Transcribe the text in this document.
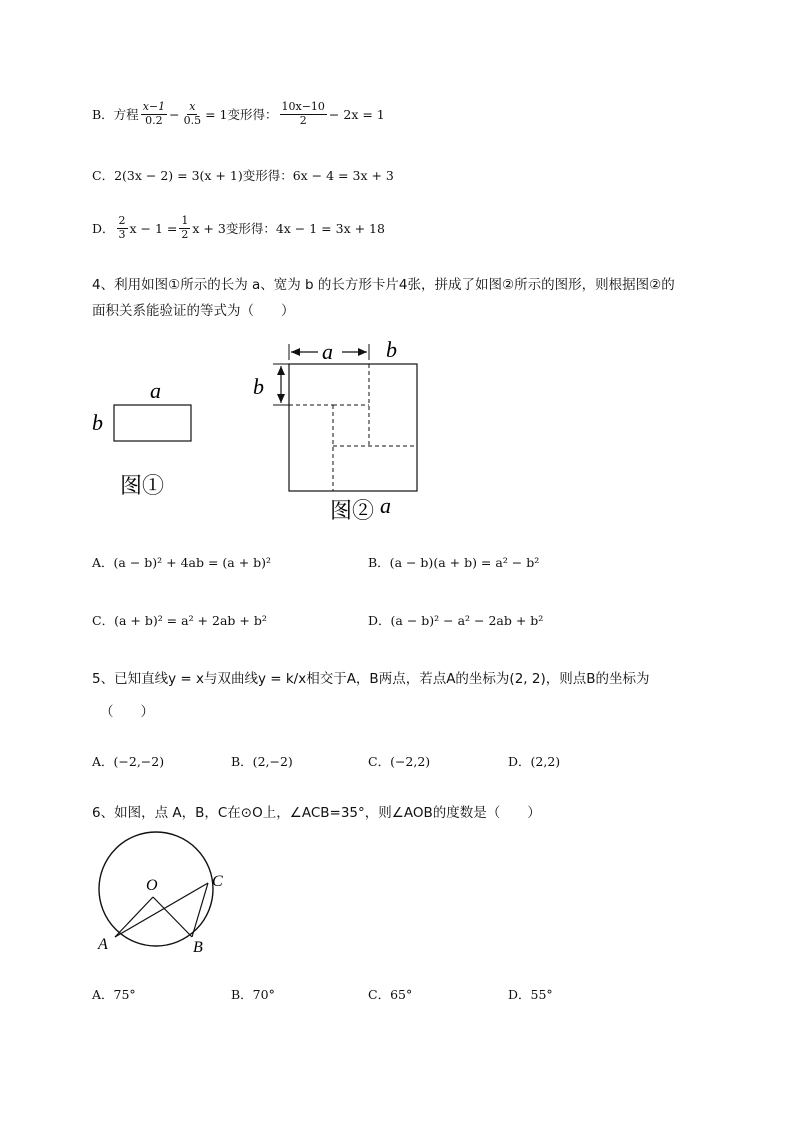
B．方程 $\frac{x-1}{0.2} - \frac{x}{0.5} = 1$变形得： $\frac{10x-10}{2} - 2x = 1$
C． 2(3x − 2) = 3(x + 1)变形得：6x − 4 = 3x + 3
D． $\frac{2}{3}$ $x - 1 = \frac{1}{2}$ x + 3变形得：4x − 1 = 3x + 18
4、利用如图①所示的长为 a、宽为 b 的长方形卡片4张，拼成了如图②所示的图形，则根据图②的
面积关系能验证的等式为（　　）
a
b
图①
a b
b
图② a
A．(a − b)² + 4ab = (a + b)²	B．(a − b)(a + b) = a² − b²
C．(a + b)² = a² + 2ab + b²	D．(a − b)² − a² − 2ab + b²
5、已知直线y = x与双曲线y = k/x相交于A，B两点，若点A的坐标为(2, 2)，则点B的坐标为
（　　）
A．(−2,−2)	B．(2,−2)	C．(−2,2)	D．(2,2)
6、如图，点 A，B，C在⊙O上，∠ACB=35°，则∠AOB的度数是（　　）
O
A	B
C
A．75°	B．70°	C．65°	D．55°
